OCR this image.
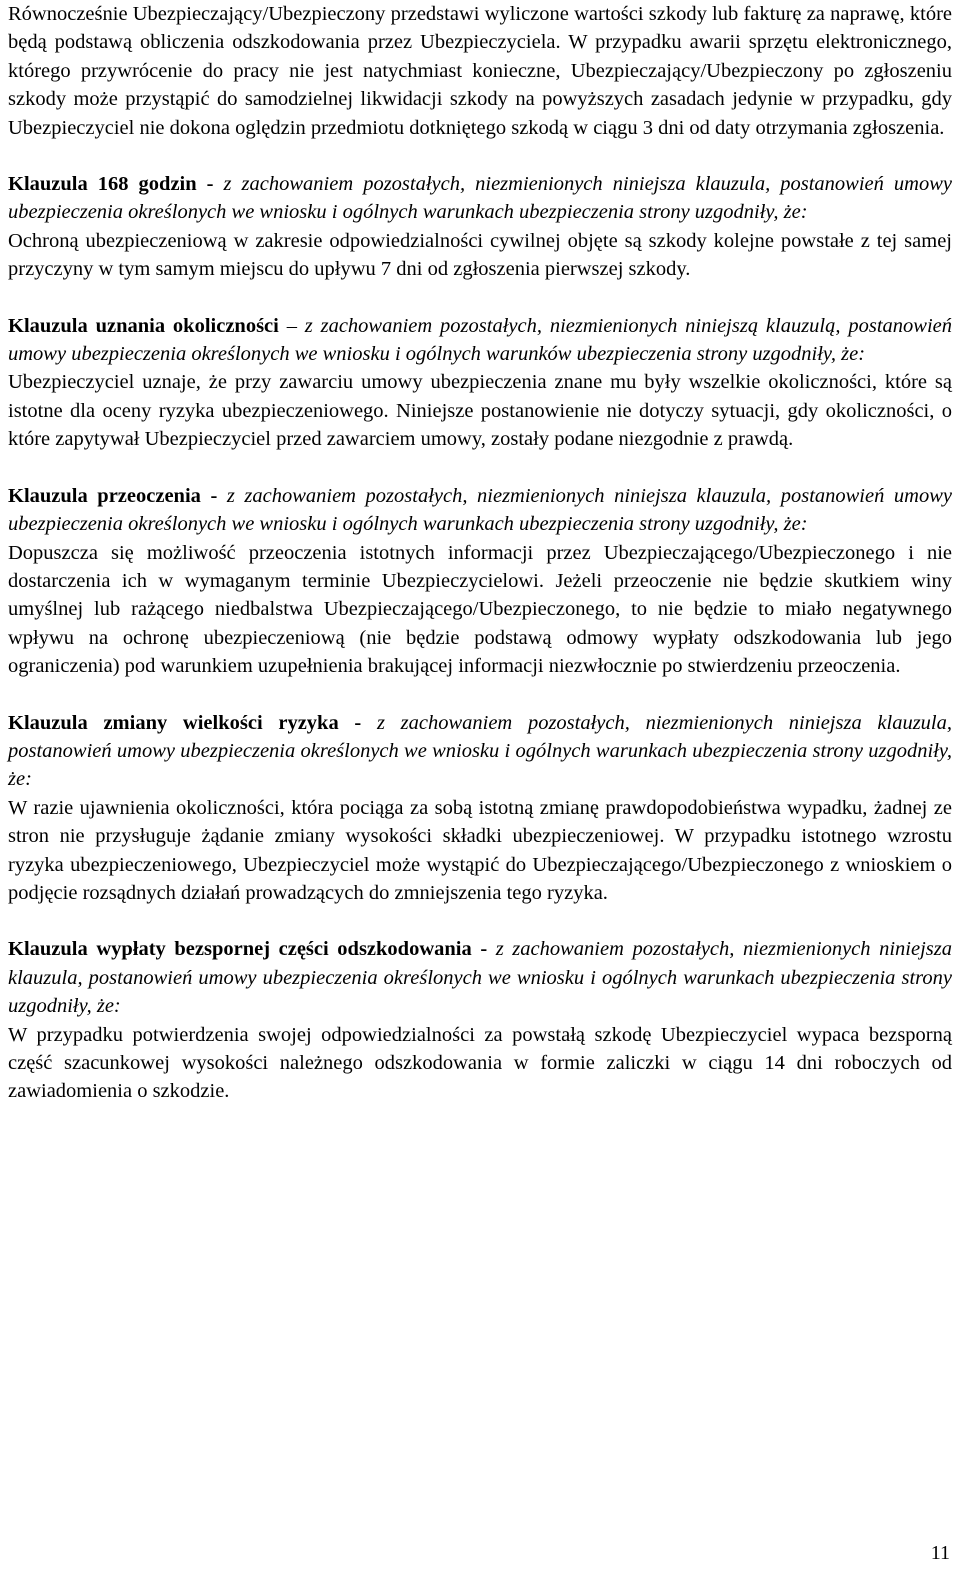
Równocześnie Ubezpieczający/Ubezpieczony przedstawi wyliczone wartości szkody lub fakturę za naprawę, które będą podstawą obliczenia odszkodowania przez Ubezpieczyciela. W przypadku awarii sprzętu elektronicznego, którego przywrócenie do pracy nie jest natychmiast konieczne, Ubezpieczający/Ubezpieczony po zgłoszeniu szkody może przystąpić do samodzielnej likwidacji szkody na powyższych zasadach jedynie w przypadku, gdy Ubezpieczyciel nie dokona oględzin przedmiotu dotkniętego szkodą w ciągu 3 dni od daty otrzymania zgłoszenia.

Klauzula 168 godzin - z zachowaniem pozostałych, niezmienionych niniejsza klauzula, postanowień umowy ubezpieczenia określonych we wniosku i ogólnych warunkach ubezpieczenia strony uzgodniły, że:

Ochroną ubezpieczeniową w zakresie odpowiedzialności cywilnej objęte są szkody kolejne powstałe z tej samej przyczyny w tym samym miejscu do upływu 7 dni od zgłoszenia pierwszej szkody.

Klauzula uznania okoliczności – z zachowaniem pozostałych, niezmienionych niniejszą klauzulą, postanowień umowy ubezpieczenia określonych we wniosku i ogólnych warunków ubezpieczenia strony uzgodniły, że:

Ubezpieczyciel uznaje, że przy zawarciu umowy ubezpieczenia znane mu były wszelkie okoliczności, które są istotne dla oceny ryzyka ubezpieczeniowego. Niniejsze postanowienie nie dotyczy sytuacji, gdy okoliczności, o które zapytywał Ubezpieczyciel przed zawarciem umowy, zostały podane niezgodnie z prawdą.

Klauzula przeoczenia - z zachowaniem pozostałych, niezmienionych niniejsza klauzula, postanowień umowy ubezpieczenia określonych we wniosku i ogólnych warunkach ubezpieczenia strony uzgodniły, że:

Dopuszcza się możliwość przeoczenia istotnych informacji przez Ubezpieczającego/Ubezpieczonego i nie dostarczenia ich w wymaganym terminie Ubezpieczycielowi. Jeżeli przeoczenie nie będzie skutkiem winy umyślnej lub rażącego niedbalstwa Ubezpieczającego/Ubezpieczonego, to nie będzie to miało negatywnego wpływu na ochronę ubezpieczeniową (nie będzie podstawą odmowy wypłaty odszkodowania lub jego ograniczenia) pod warunkiem uzupełnienia brakującej informacji niezwłocznie po stwierdzeniu przeoczenia.

Klauzula zmiany wielkości ryzyka - z zachowaniem pozostałych, niezmienionych niniejsza klauzula, postanowień umowy ubezpieczenia określonych we wniosku i ogólnych warunkach ubezpieczenia strony uzgodniły, że:

W razie ujawnienia okoliczności, która pociąga za sobą istotną zmianę prawdopodobieństwa wypadku, żadnej ze stron nie przysługuje żądanie zmiany wysokości składki ubezpieczeniowej. W przypadku istotnego wzrostu ryzyka ubezpieczeniowego, Ubezpieczyciel może wystąpić do Ubezpieczającego/Ubezpieczonego z wnioskiem o podjęcie rozsądnych działań prowadzących do zmniejszenia tego ryzyka.

Klauzula wypłaty bezspornej części odszkodowania - z zachowaniem pozostałych, niezmienionych niniejsza klauzula, postanowień umowy ubezpieczenia określonych we wniosku i ogólnych warunkach ubezpieczenia strony uzgodniły, że:

W przypadku potwierdzenia swojej odpowiedzialności za powstałą szkodę Ubezpieczyciel wypaca bezsporną część szacunkowej wysokości należnego odszkodowania w formie zaliczki w ciągu 14 dni roboczych od zawiadomienia o szkodzie.

11
